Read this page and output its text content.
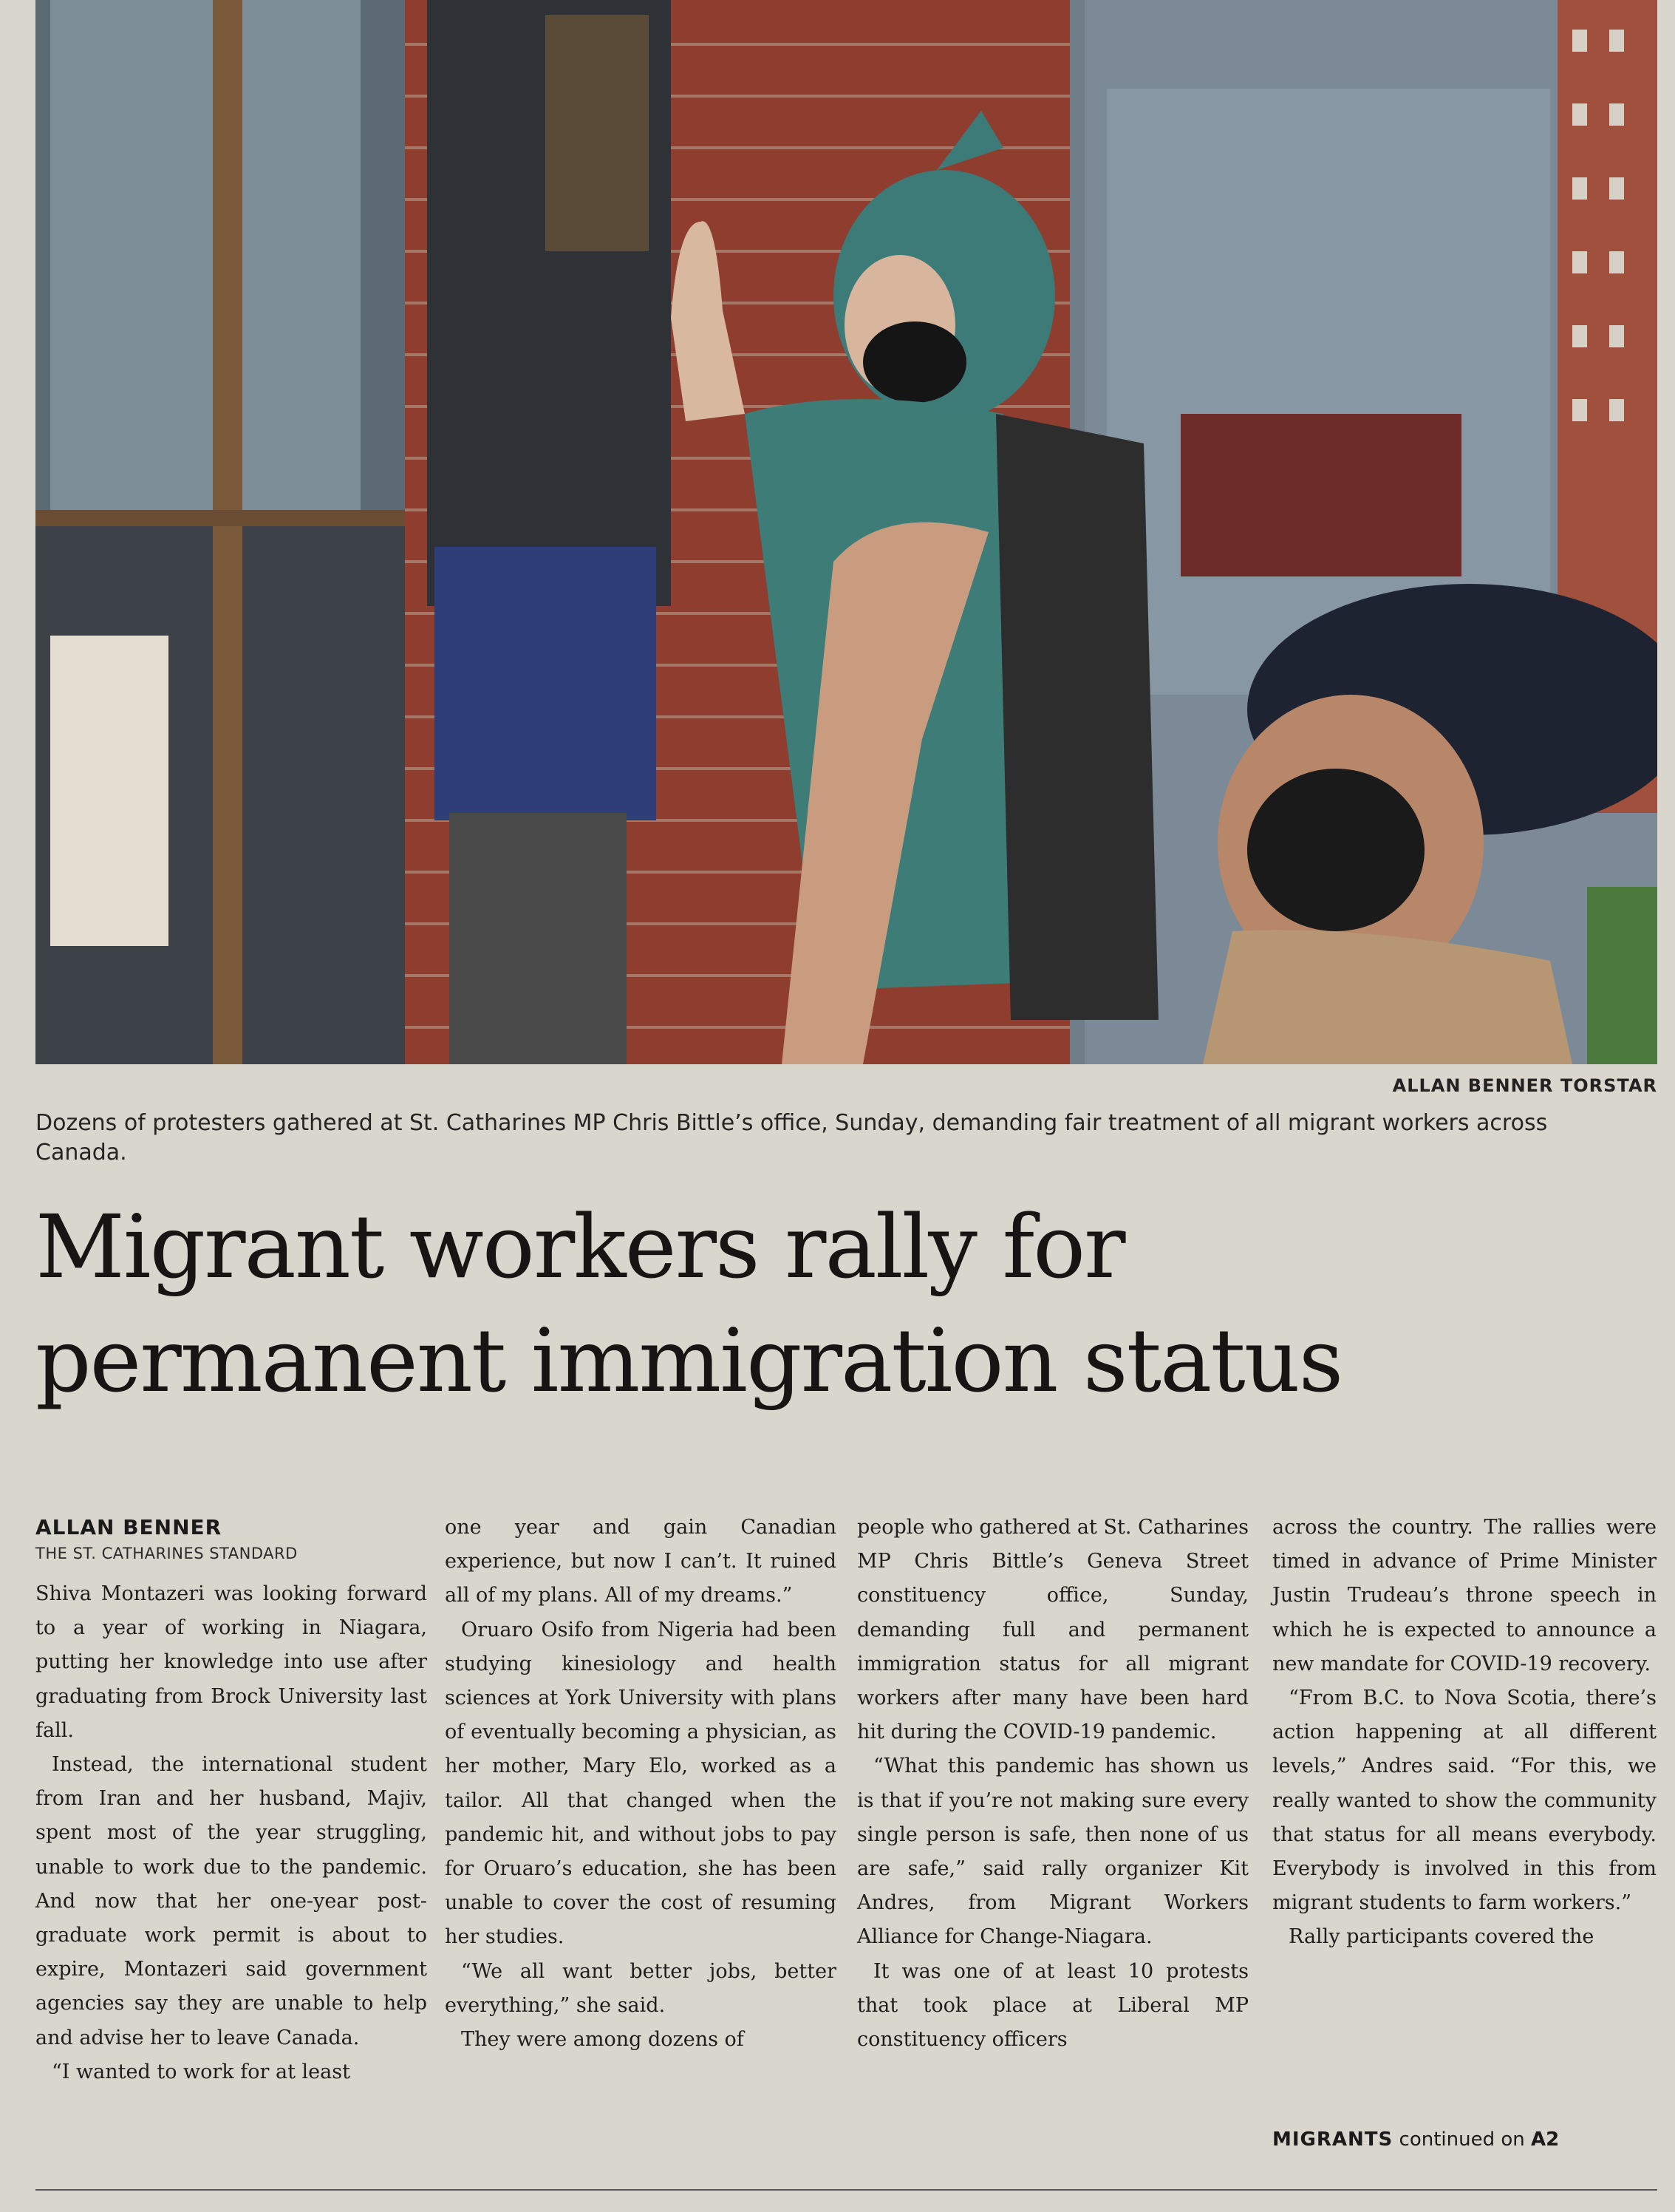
ALLAN BENNER TORSTAR
Dozens of protesters gathered at St. Catharines MP Chris Bittle’s office, Sunday, demanding fair treatment of all migrant workers across Canada.
Migrant workers rally for
permanent immigration status
ALLAN BENNER
THE ST. CATHARINES STANDARD

Shiva Montazeri was looking forward to a year of working in Niagara, putting her knowledge into use after graduating from Brock University last fall.

Instead, the international student from Iran and her husband, Majiv, spent most of the year struggling, unable to work due to the pandemic. And now that her one-year post-graduate work permit is about to expire, Montazeri said government agencies say they are unable to help and advise her to leave Canada.

“I wanted to work for at least

one year and gain Canadian experience, but now I can’t. It ruined all of my plans. All of my dreams.”

Oruaro Osifo from Nigeria had been studying kinesiology and health sciences at York University with plans of eventually becoming a physician, as her mother, Mary Elo, worked as a tailor. All that changed when the pandemic hit, and without jobs to pay for Oruaro’s education, she has been unable to cover the cost of resuming her studies.

“We all want better jobs, better everything,” she said.

They were among dozens of

people who gathered at St. Catharines MP Chris Bittle’s Geneva Street constituency office, Sunday, demanding full and permanent immigration status for all migrant workers after many have been hard hit during the COVID-19 pandemic.

“What this pandemic has shown us is that if you’re not making sure every single person is safe, then none of us are safe,” said rally organizer Kit Andres, from Migrant Workers Alliance for Change-Niagara.

It was one of at least 10 protests that took place at Liberal MP constituency officers

across the country. The rallies were timed in advance of Prime Minister Justin Trudeau’s throne speech in which he is expected to announce a new mandate for COVID-19 recovery.

“From B.C. to Nova Scotia, there’s action happening at all different levels,” Andres said. “For this, we really wanted to show the community that status for all means everybody. Everybody is involved in this from migrant students to farm workers.”

Rally participants covered the

MIGRANTS continued on A2
